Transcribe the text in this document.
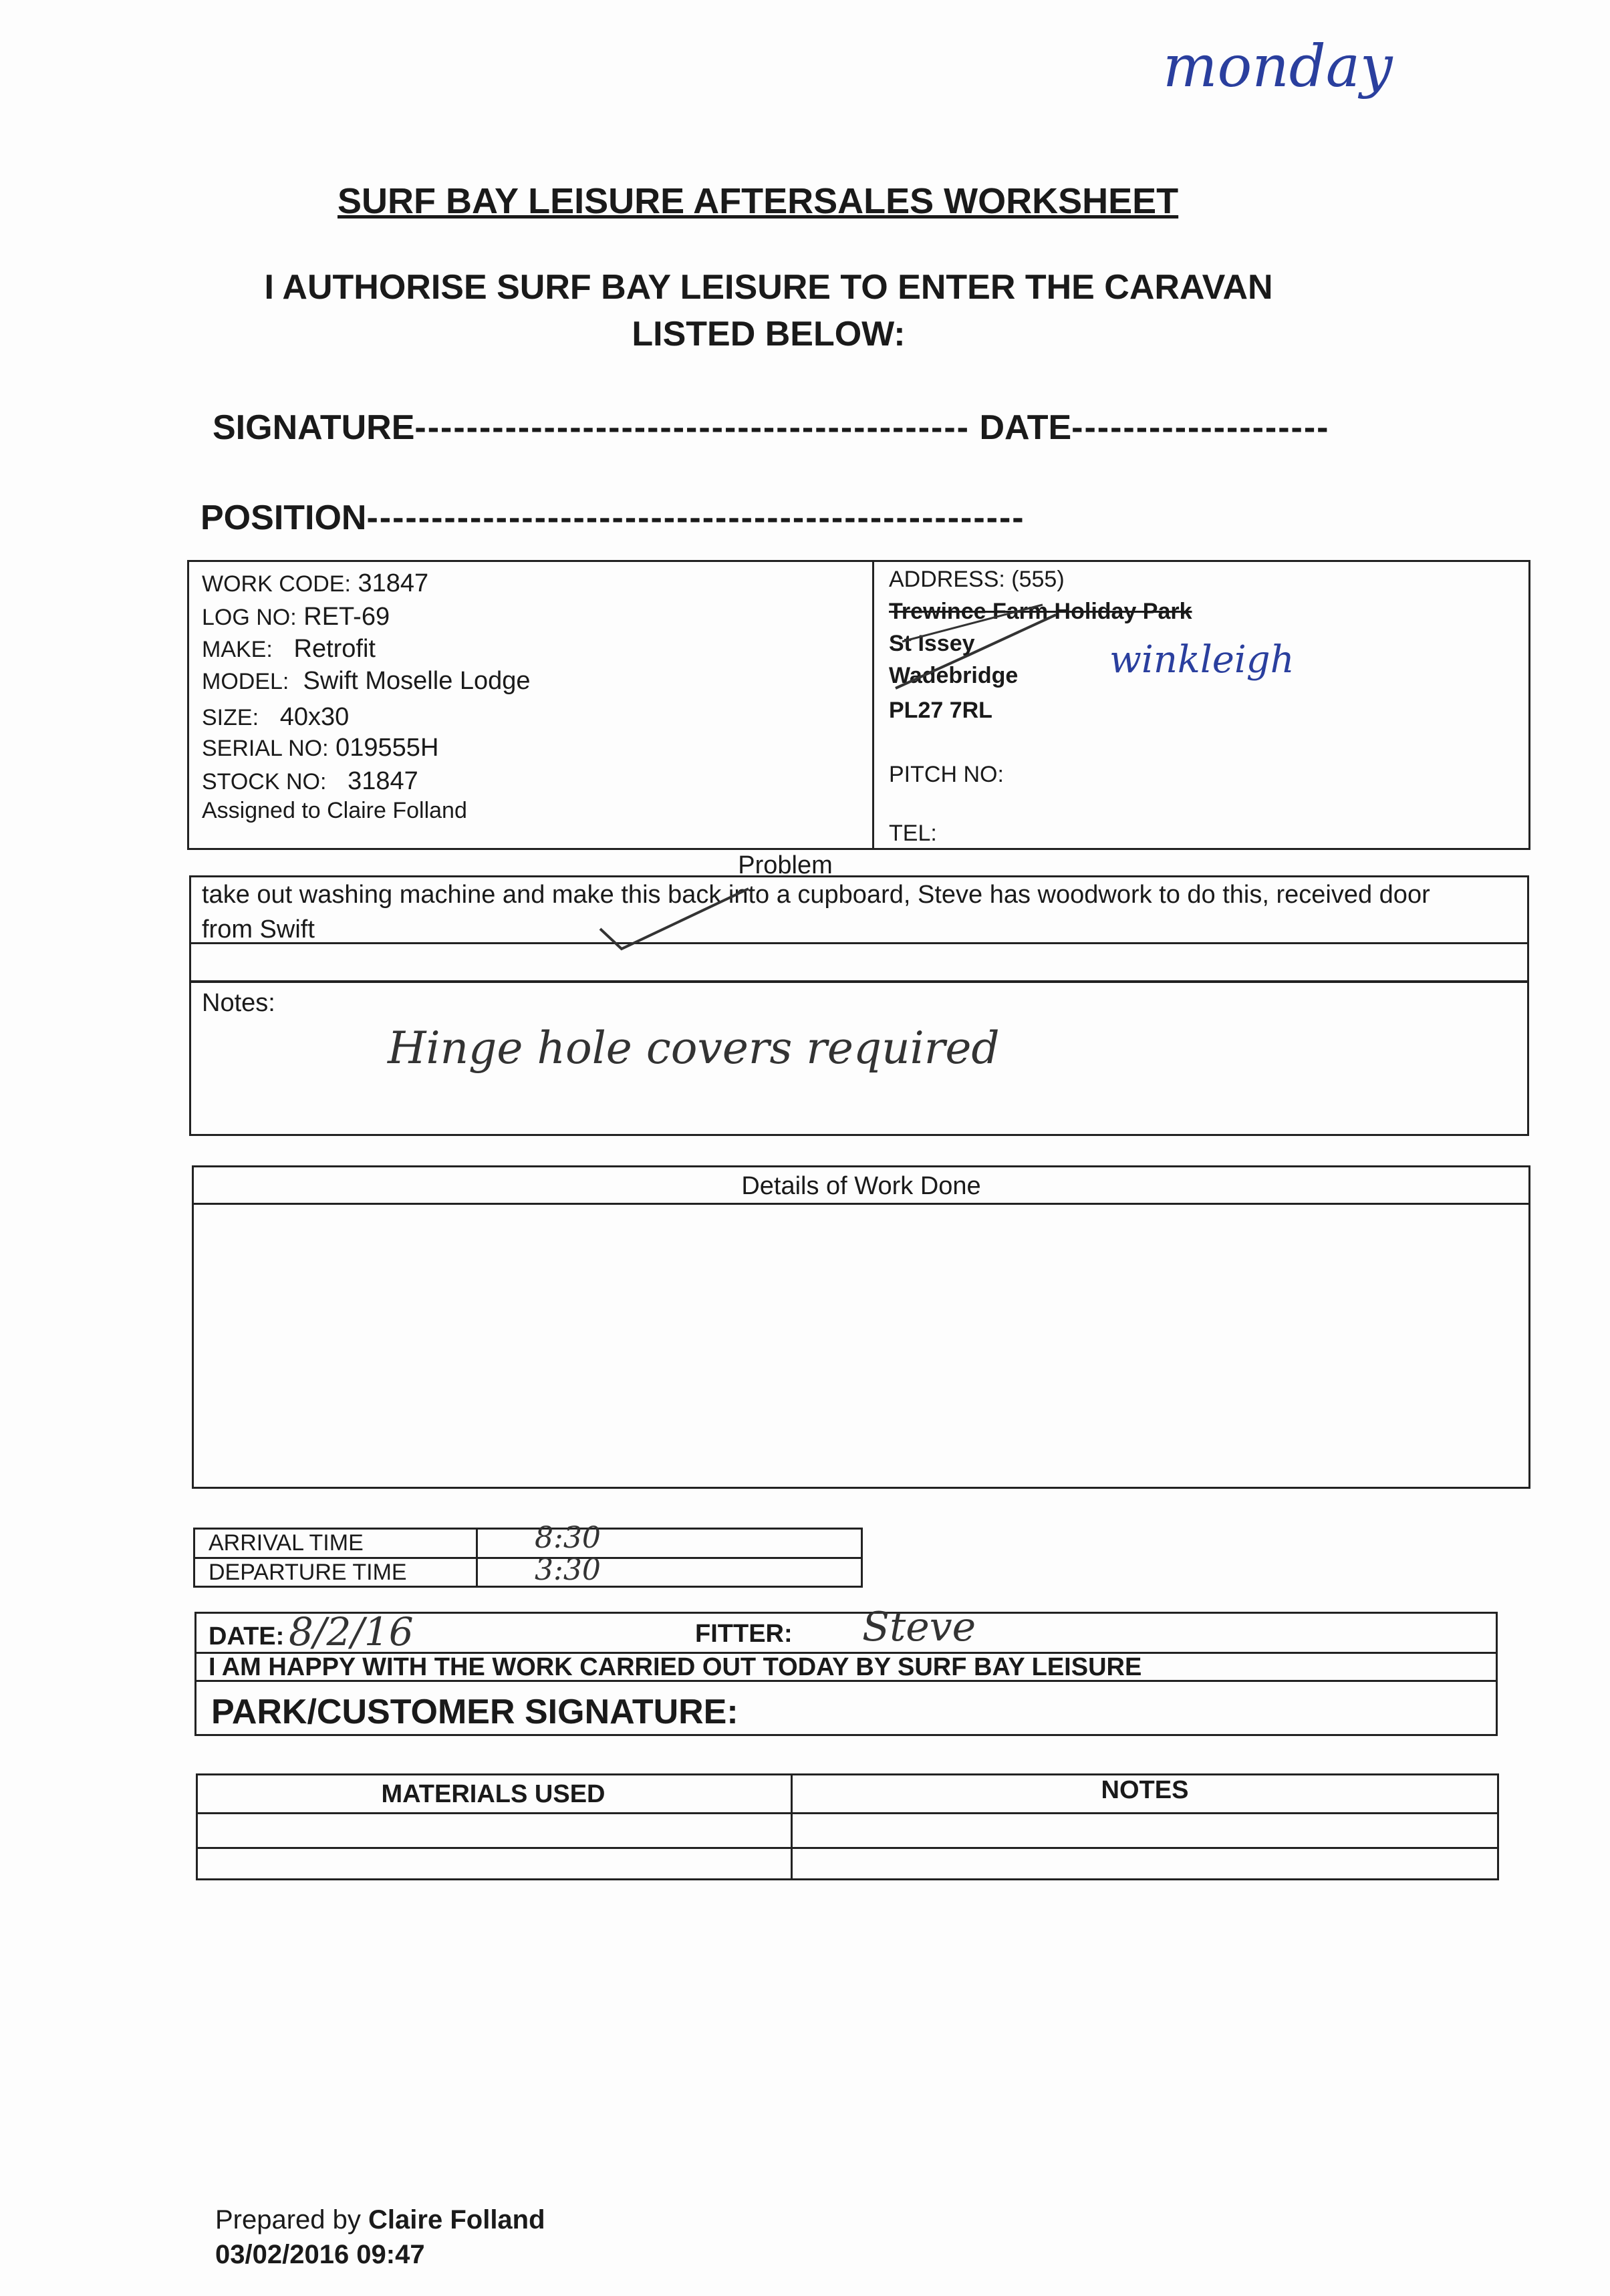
monday
SURF BAY LEISURE AFTERSALES WORKSHEET
I AUTHORISE SURF BAY LEISURE TO ENTER THE CARAVAN
LISTED BELOW:
SIGNATURE------------------------------------------- DATE--------------------
POSITION---------------------------------------------------
WORK CODE: 31847
LOG NO: RET-69
MAKE: Retrofit
MODEL: Swift Moselle Lodge
SIZE: 40x30
SERIAL NO: 019555H
STOCK NO: 31847
Assigned to Claire Folland
ADDRESS: (555)
Trewince Farm Holiday Park
St Issey
Wadebridge
PL27 7RL
winkleigh
PITCH NO:
TEL:
Problem
take out washing machine and make this back into a cupboard, Steve has woodwork to do this, received door
from Swift
Notes:
Hinge hole covers required
Details of Work Done
ARRIVAL TIME
DEPARTURE TIME
8:30
3:30
DATE: 8/2/16	FITTER: Steve
I AM HAPPY WITH THE WORK CARRIED OUT TODAY BY SURF BAY LEISURE
PARK/CUSTOMER SIGNATURE:
MATERIALS USED	NOTES
Prepared by Claire Folland
03/02/2016 09:47
